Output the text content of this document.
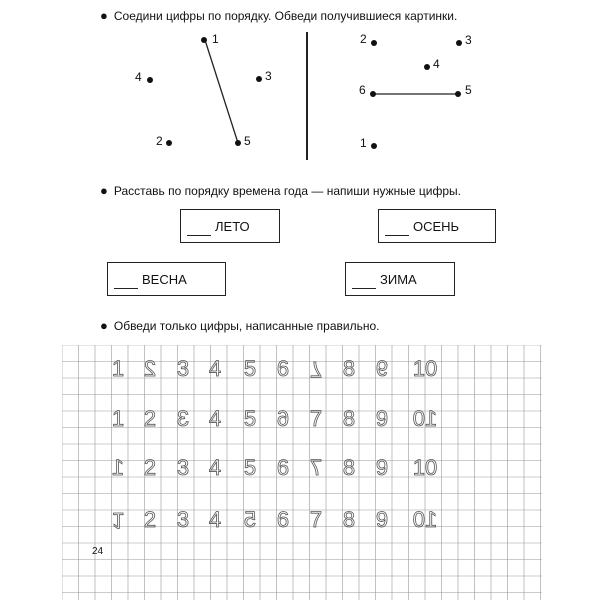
● Соедини цифры по порядку. Обведи получившиеся картинки.
1
2
3
4
5	1
2	3
4
5
6
● Расставь по порядку времена года — напиши нужные цифры.
ЛЕТО	ОСЕНЬ
ВЕСНА	ЗИМА
● Обведи только цифры, написанные правильно.
1 2 3 4 5 6 7 8 9 10
1 2 3 4 5 6 7 8 9 10
1 2 3 4 5 6 7 8 9 10
1 2 3 4 5 6 7 8 9 10
24
